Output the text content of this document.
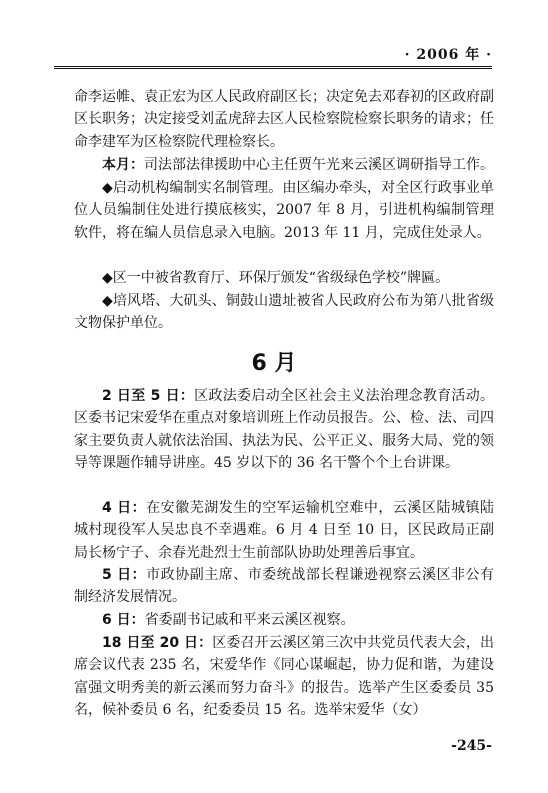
· 2006 年 ·

命李运帷、袁正宏为区人民政府副区长；决定免去邓春初的区政府副区长职务；决定接受刘孟虎辞去区人民检察院检察长职务的请求；任命李建军为区检察院代理检察长。

本月：司法部法律援助中心主任贾午光来云溪区调研指导工作。

◆启动机构编制实名制管理。由区编办牵头，对全区行政事业单位人员编制住处进行摸底核实，2007 年 8 月，引进机构编制管理软件，将在编人员信息录入电脑。2013 年 11 月，完成住处录人。

◆区一中被省教育厅、环保厅颁发“省级绿色学校”牌匾。

◆培风塔、大矶头、铜鼓山遗址被省人民政府公布为第八批省级文物保护单位。

6 月

2 日至 5 日：区政法委启动全区社会主义法治理念教育活动。区委书记宋爱华在重点对象培训班上作动员报告。公、检、法、司四家主要负责人就依法治国、执法为民、公平正义、服务大局、党的领导等课题作辅导讲座。45 岁以下的 36 名干警个个上台讲课。

4 日：在安徽芜湖发生的空军运输机空难中，云溪区陆城镇陆城村现役军人吴忠良不幸遇难。6 月 4 日至 10 日，区民政局正副局长杨宁子、余春光赴烈士生前部队协助处理善后事宜。

5 日：市政协副主席、市委统战部长程谦逊视察云溪区非公有制经济发展情况。

6 日：省委副书记戚和平来云溪区视察。

18 日至 20 日：区委召开云溪区第三次中共党员代表大会，出席会议代表 235 名，宋爱华作《同心谋崛起，协力促和谐，为建设富强文明秀美的新云溪而努力奋斗》的报告。选举产生区委委员 35 名，候补委员 6 名，纪委委员 15 名。选举宋爱华（女）

-245-
